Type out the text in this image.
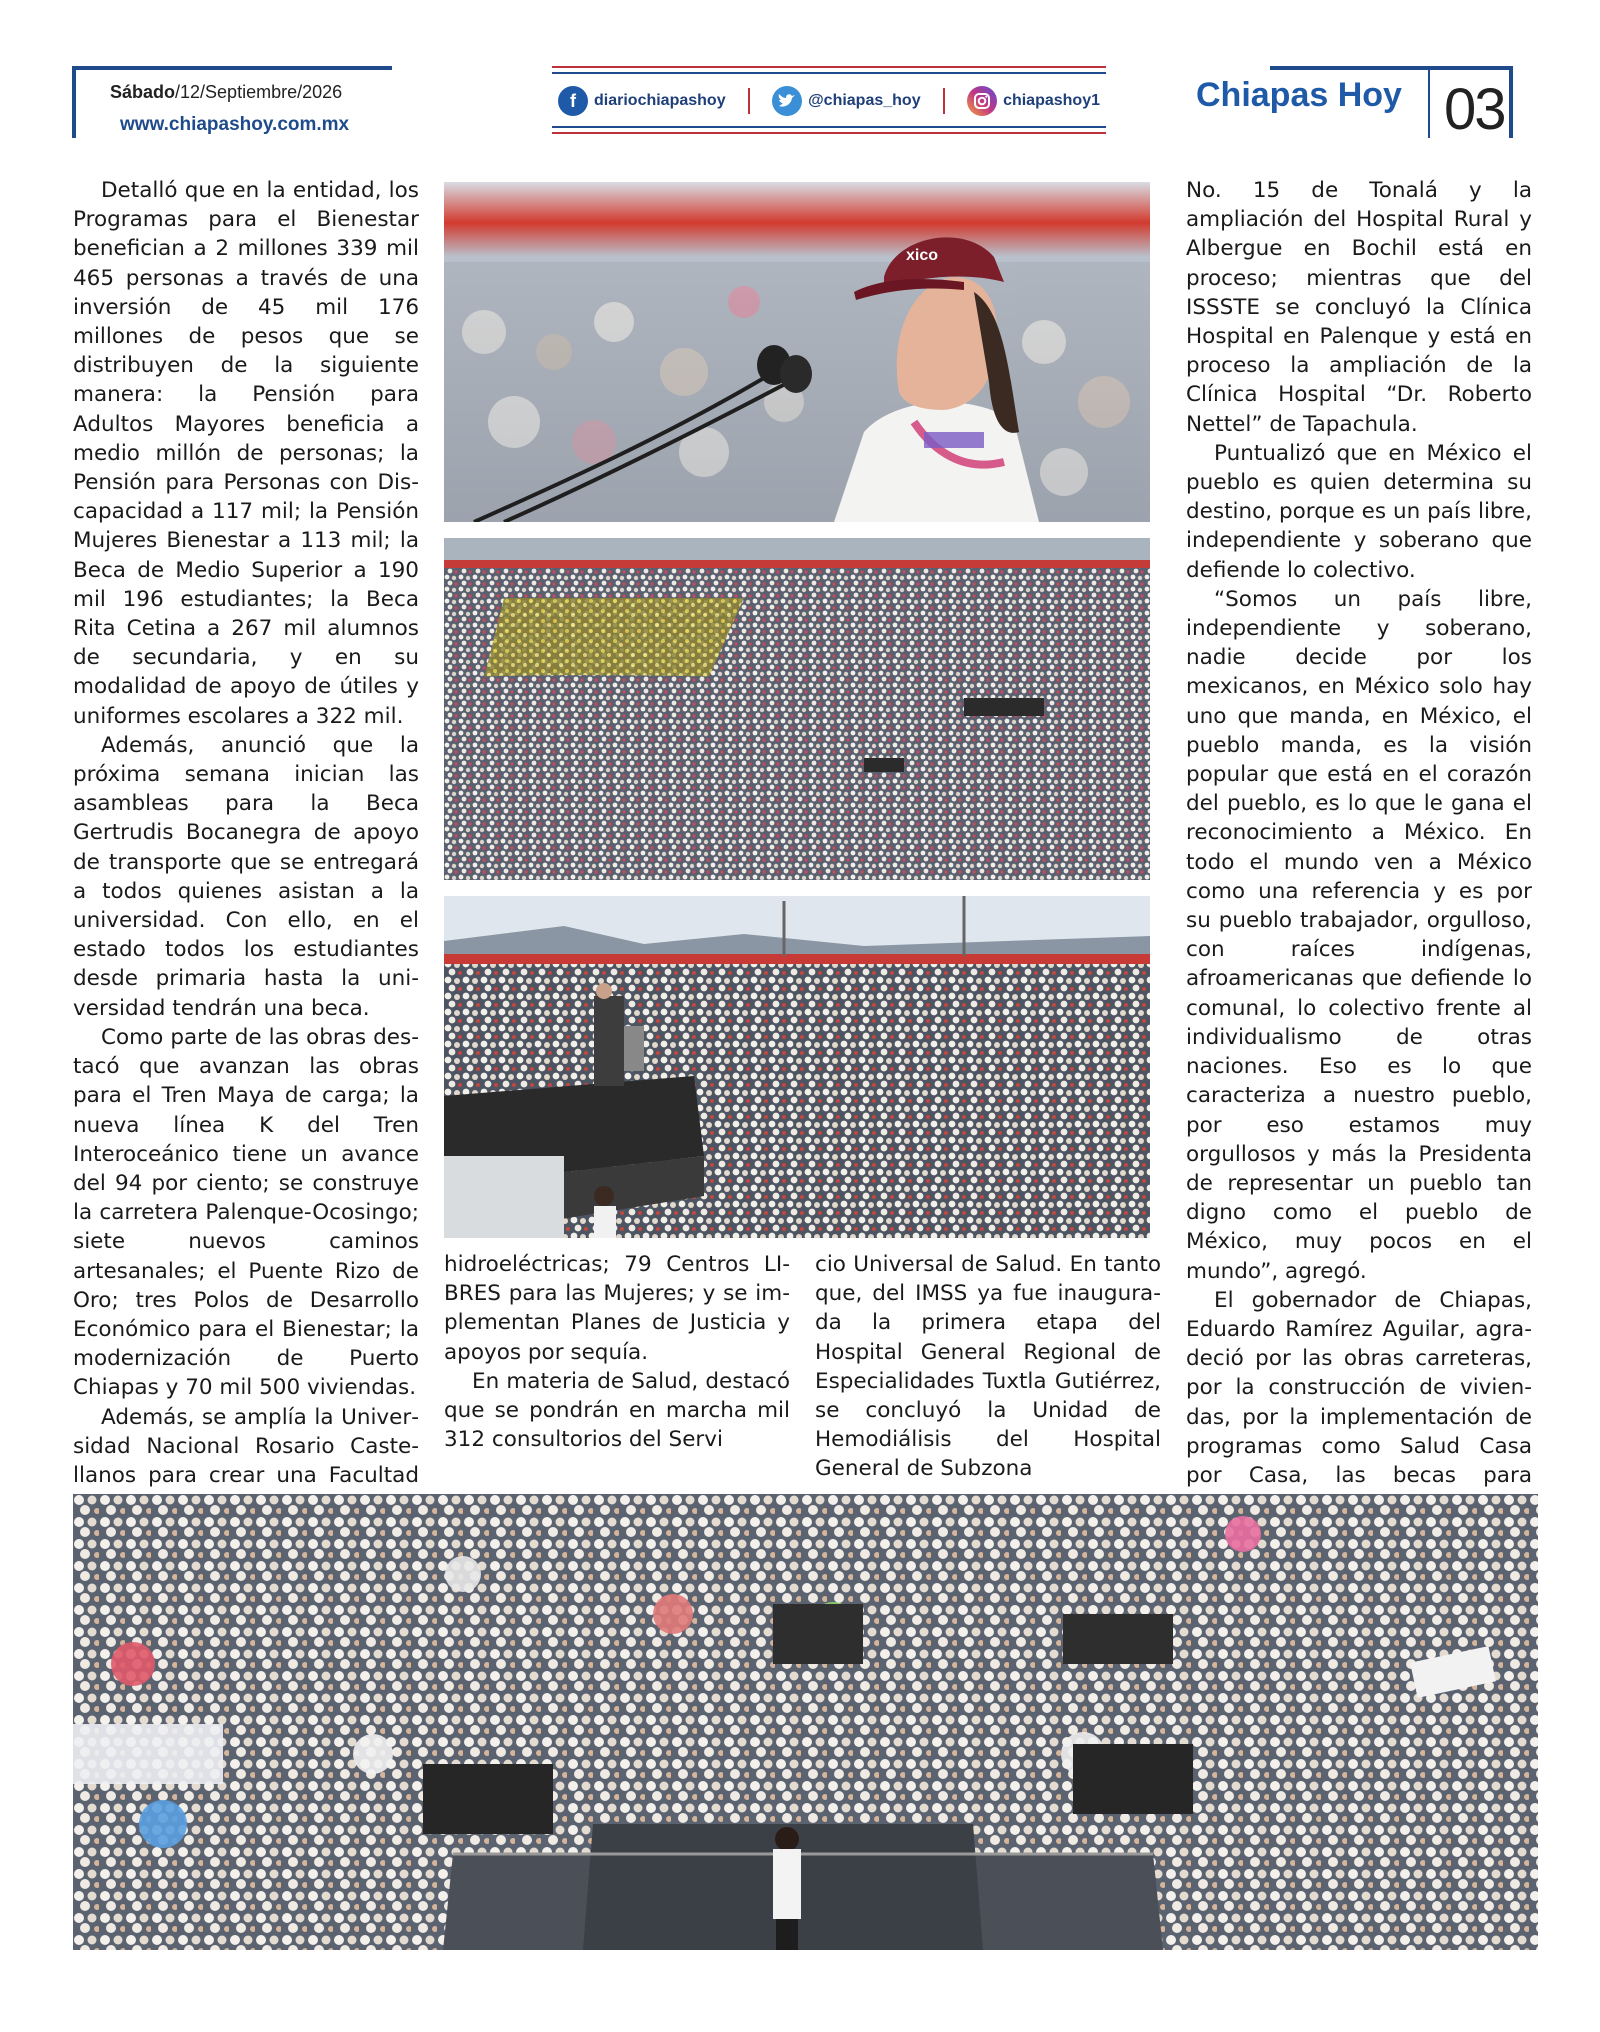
Sábado/12/Septiembre/2026
www.chiapashoy.com.mx
f	diariochiapashoy	@chiapas_hoy	chiapashoy1	Chiapas Hoy 03

Detalló que en la entidad, los Programas para el Bienestar benefician a 2 millones 339 mil 465 personas a través de una inversión de 45 mil 176 millones de pesos que se distribuyen de la siguiente manera: la Pensión para Adultos Mayores beneficia a medio millón de personas; la Pensión para Personas con Discapacidad a 117 mil; la Pensión Mujeres Bienestar a 113 mil; la Beca de Medio Superior a 190 mil 196 estudiantes; la Beca Rita Cetina a 267 mil alumnos de secundaria, y en su modalidad de apoyo de útiles y uniformes escolares a 322 mil.

Además, anunció que la próxima semana inician las asambleas para la Beca Gertrudis Bocanegra de apoyo de transporte que se entregará a todos quienes asistan a la universidad. Con ello, en el estado todos los estudiantes desde primaria hasta la universidad tendrán una beca.

Como parte de las obras destacó que avanzan las obras para el Tren Maya de carga; la nueva línea K del Tren Interoceánico tiene un avance del 94 por ciento; se construye la carretera Palenque-Ocosingo; siete nuevos caminos artesanales; el Puente Rizo de Oro; tres Polos de Desarrollo Económico para el Bienestar; la modernización de Puerto Chiapas y 70 mil 500 viviendas.

Además, se amplía la Universidad Nacional Rosario Castellanos para crear una Facultad

hidroeléctricas; 79 Centros LIBRES para las Mujeres; y se implementan Planes de Justicia y apoyos por sequía.

En materia de Salud, destacó que se pondrán en marcha mil 312 consultorios del Servi

cio Universal de Salud. En tanto que, del IMSS ya fue inaugurada la primera etapa del Hospital General Regional de Especialidades Tuxtla Gutiérrez, se concluyó la Unidad de Hemodiálisis del Hospital General de Subzona

No. 15 de Tonalá y la ampliación del Hospital Rural y Albergue en Bochil está en proceso; mientras que del ISSSTE se concluyó la Clínica Hospital en Palenque y está en proceso la ampliación de la Clínica Hospital “Dr. Roberto Nettel” de Tapachula.

Puntualizó que en México el pueblo es quien determina su destino, porque es un país libre, independiente y soberano que defiende lo colectivo.

“Somos un país libre, independiente y soberano, nadie decide por los mexicanos, en México solo hay uno que manda, en México, el pueblo manda, es la visión popular que está en el corazón del pueblo, es lo que le gana el reconocimiento a México. En todo el mundo ven a México como una referencia y es por su pueblo trabajador, orgulloso, con raíces indígenas, afroamericanas que defiende lo comunal, lo colectivo frente al individualismo de otras naciones. Eso es lo que caracteriza a nuestro pueblo, por eso estamos muy orgullosos y más la Presidenta de representar un pueblo tan digno como el pueblo de México, muy pocos en el mundo”, agregó.

El gobernador de Chiapas, Eduardo Ramírez Aguilar, agradeció por las obras carreteras, por la construcción de viviendas, por la implementación de programas como Salud Casa por Casa, las becas para

xico
